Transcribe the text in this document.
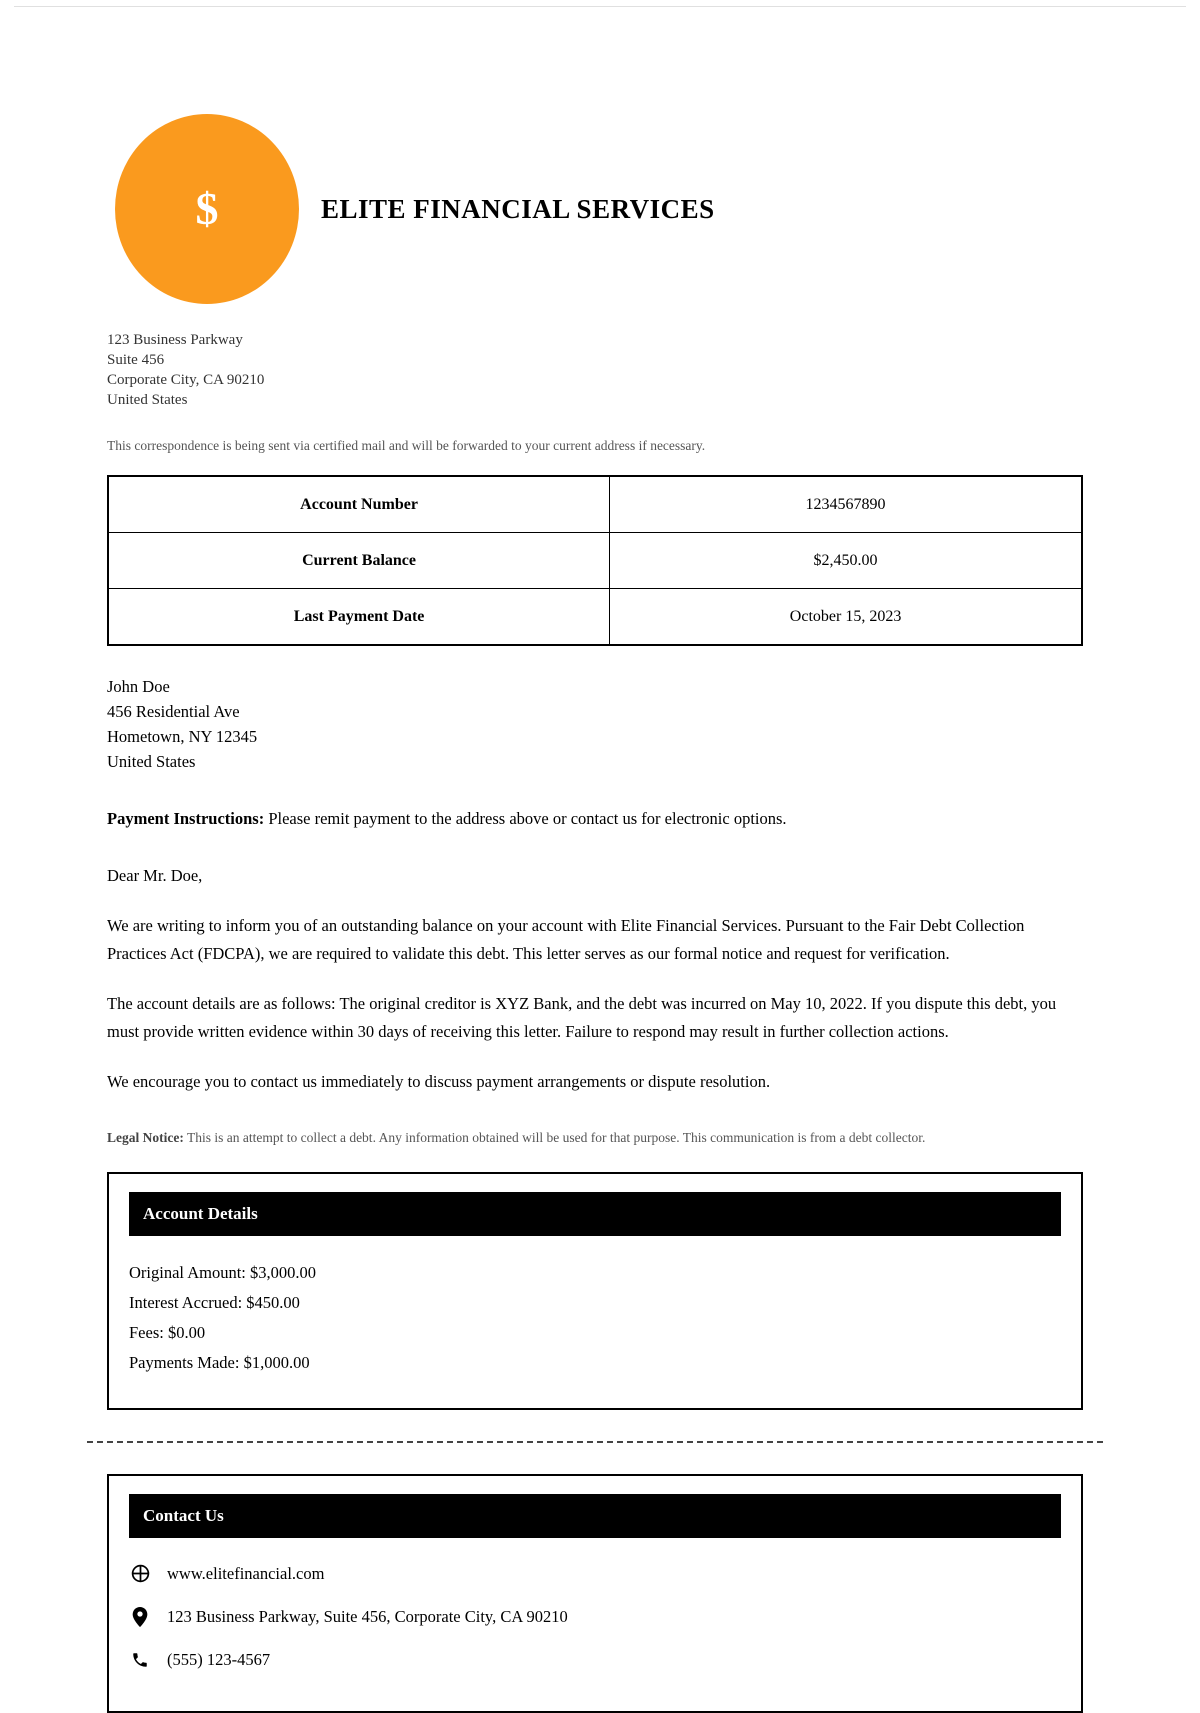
$	ELITE FINANCIAL SERVICES
123 Business Parkway
Suite 456
Corporate City, CA 90210
United States
This correspondence is being sent via certified mail and will be forwarded to your current address if necessary.
Account Number	1234567890
Current Balance	$2,450.00
Last Payment Date	October 15, 2023
John Doe
456 Residential Ave
Hometown, NY 12345
United States

Payment Instructions: Please remit payment to the address above or contact us for electronic options.

Dear Mr. Doe,

We are writing to inform you of an outstanding balance on your account with Elite Financial Services. Pursuant to the Fair Debt Collection Practices Act (FDCPA), we are required to validate this debt. This letter serves as our formal notice and request for verification.

The account details are as follows: The original creditor is XYZ Bank, and the debt was incurred on May 10, 2022. If you dispute this debt, you must provide written evidence within 30 days of receiving this letter. Failure to respond may result in further collection actions.

We encourage you to contact us immediately to discuss payment arrangements or dispute resolution.

Legal Notice: This is an attempt to collect a debt. Any information obtained will be used for that purpose. This communication is from a debt collector.
Account Details
Original Amount: $3,000.00
Interest Accrued: $450.00
Fees: $0.00
Payments Made: $1,000.00
Contact Us
www.elitefinancial.com
123 Business Parkway, Suite 456, Corporate City, CA 90210
(555) 123-4567
